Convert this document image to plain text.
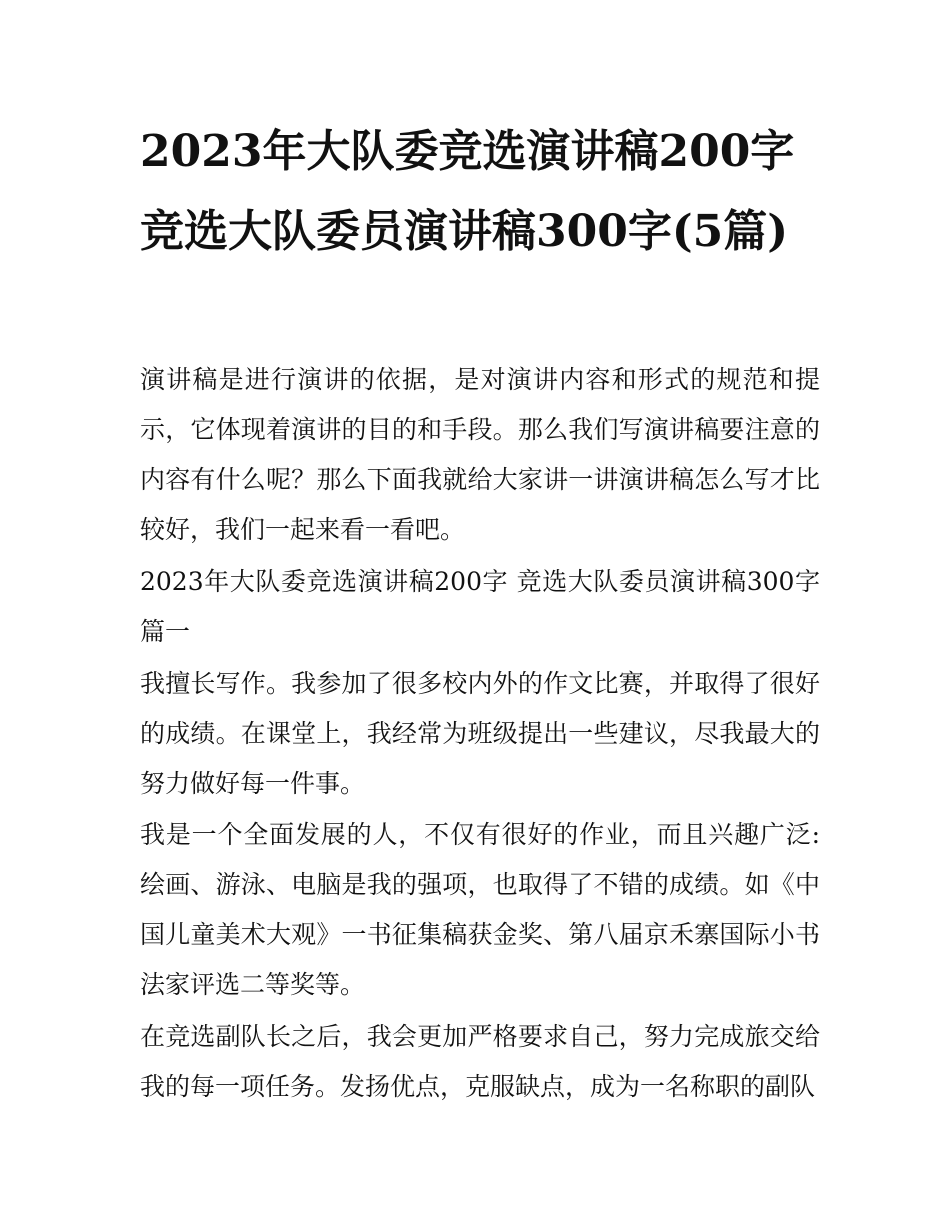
2023年大队委竞选演讲稿200字 竞选大队委员演讲稿300字(5篇)

演讲稿是进行演讲的依据，是对演讲内容和形式的规范和提示，它体现着演讲的目的和手段。那么我们写演讲稿要注意的内容有什么呢？那么下面我就给大家讲一讲演讲稿怎么写才比较好，我们一起来看一看吧。

2023年大队委竞选演讲稿200字 竞选大队委员演讲稿300字篇一

我擅长写作。我参加了很多校内外的作文比赛，并取得了很好的成绩。在课堂上，我经常为班级提出一些建议，尽我最大的努力做好每一件事。

我是一个全面发展的人，不仅有很好的作业，而且兴趣广泛:绘画、游泳、电脑是我的强项，也取得了不错的成绩。如《中国儿童美术大观》一书征集稿获金奖、第八届京禾寨国际小书法家评选二等奖等。

在竞选副队长之后，我会更加严格要求自己，努力完成旅交给我的每一项任务。发扬优点，克服缺点，成为一名称职的副队
